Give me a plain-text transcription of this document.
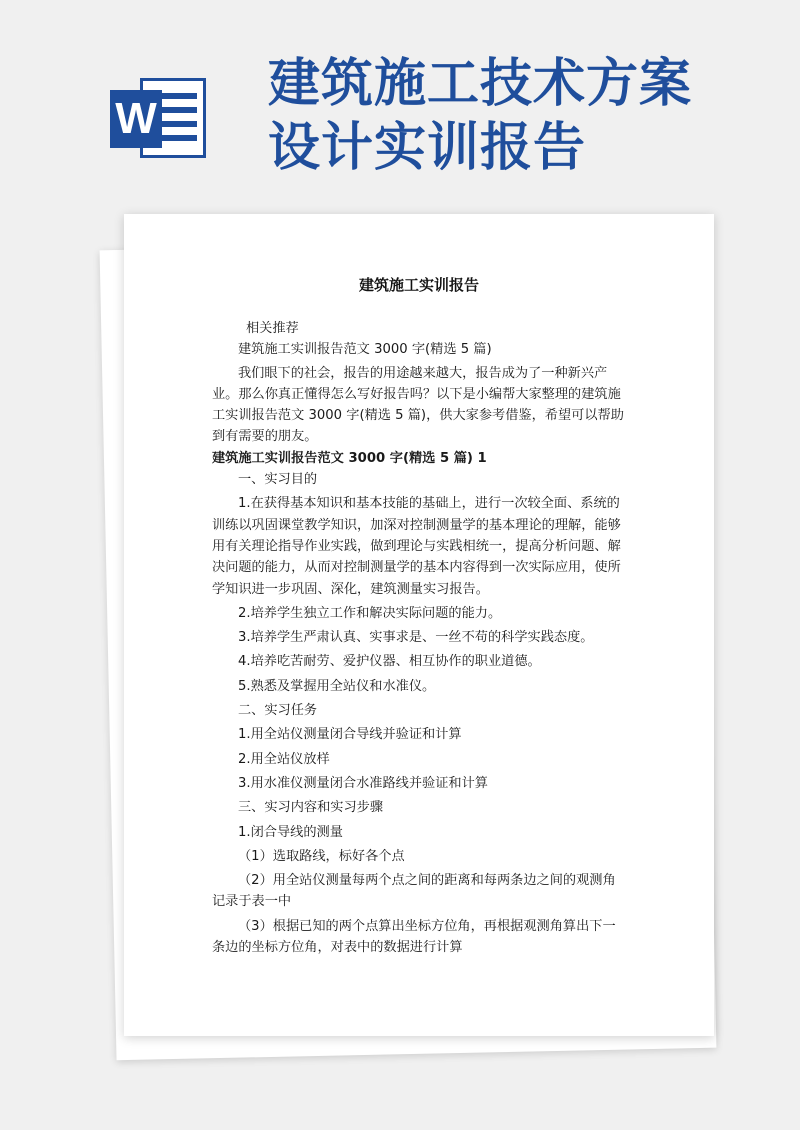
W
建筑施工技术方案
设计实训报告
建筑施工实训报告

相关推荐

建筑施工实训报告范文 3000 字(精选 5 篇)

我们眼下的社会，报告的用途越来越大，报告成为了一种新兴产业。那么你真正懂得怎么写好报告吗？以下是小编帮大家整理的建筑施工实训报告范文 3000 字(精选 5 篇)，供大家参考借鉴，希望可以帮助到有需要的朋友。

建筑施工实训报告范文 3000 字(精选 5 篇) 1

一、实习目的

1.在获得基本知识和基本技能的基础上，进行一次较全面、系统的训练以巩固课堂教学知识，加深对控制测量学的基本理论的理解，能够用有关理论指导作业实践，做到理论与实践相统一，提高分析问题、解决问题的能力，从而对控制测量学的基本内容得到一次实际应用，使所学知识进一步巩固、深化，建筑测量实习报告。

2.培养学生独立工作和解决实际问题的能力。

3.培养学生严肃认真、实事求是、一丝不苟的科学实践态度。

4.培养吃苦耐劳、爱护仪器、相互协作的职业道德。

5.熟悉及掌握用全站仪和水准仪。

二、实习任务

1.用全站仪测量闭合导线并验证和计算

2.用全站仪放样

3.用水准仪测量闭合水准路线并验证和计算

三、实习内容和实习步骤

1.闭合导线的测量

（1）选取路线，标好各个点

（2）用全站仪测量每两个点之间的距离和每两条边之间的观测角记录于表一中

（3）根据已知的两个点算出坐标方位角，再根据观测角算出下一条边的坐标方位角，对表中的数据进行计算
